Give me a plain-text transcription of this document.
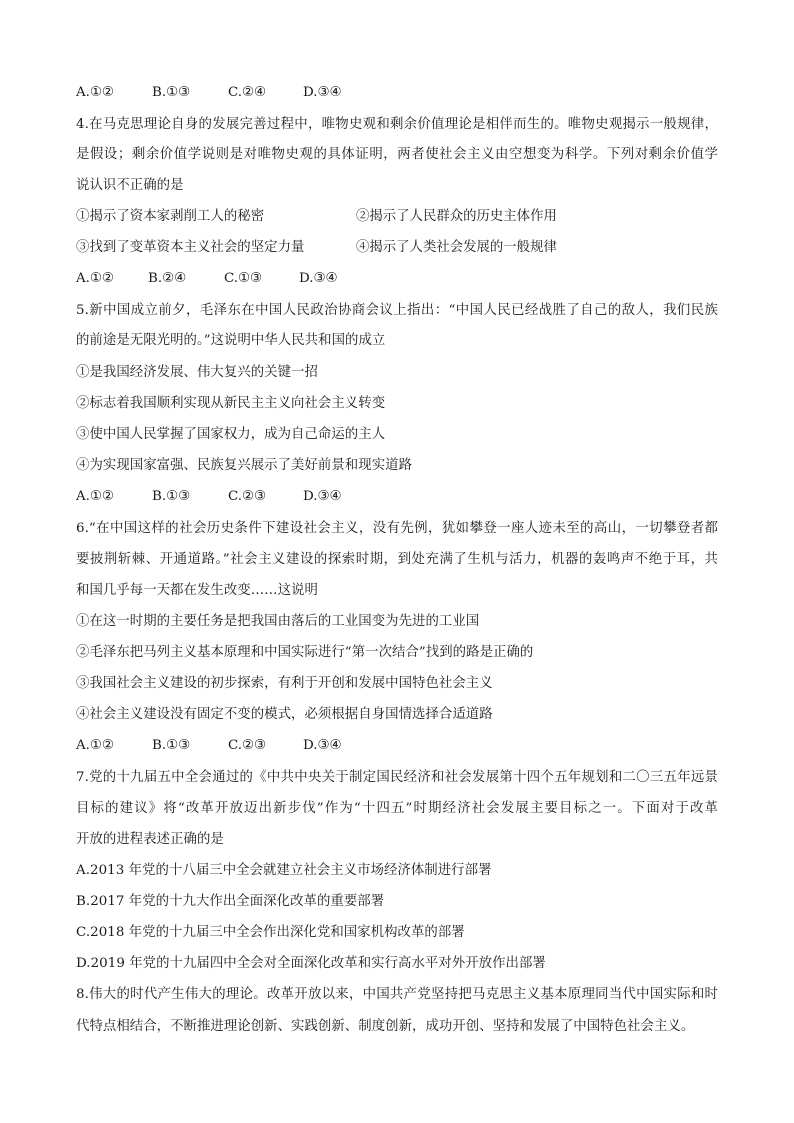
A.①②	B.①③	C.②④	D.③④
4.在马克思理论自身的发展完善过程中，唯物史观和剩余价值理论是相伴而生的。唯物史观揭示一般规律，
是假设；剩余价值学说则是对唯物史观的具体证明，两者使社会主义由空想变为科学。下列对剩余价值学
说认识不正确的是
①揭示了资本家剥削工人的秘密	②揭示了人民群众的历史主体作用
③找到了变革资本主义社会的坚定力量	④揭示了人类社会发展的一般规律
A.①②	B.②④	C.①③	D.③④
5.新中国成立前夕，毛泽东在中国人民政治协商会议上指出：“中国人民已经战胜了自己的敌人，我们民族
的前途是无限光明的。”这说明中华人民共和国的成立
①是我国经济发展、伟大复兴的关键一招
②标志着我国顺利实现从新民主主义向社会主义转变
③使中国人民掌握了国家权力，成为自己命运的主人
④为实现国家富强、民族复兴展示了美好前景和现实道路
A.①②	B.①③	C.②③	D.③④
6.“在中国这样的社会历史条件下建设社会主义，没有先例，犹如攀登一座人迹未至的高山，一切攀登者都
要披荆斩棘、开通道路。”社会主义建设的探索时期，到处充满了生机与活力，机器的轰鸣声不绝于耳，共
和国几乎每一天都在发生改变……这说明
①在这一时期的主要任务是把我国由落后的工业国变为先进的工业国
②毛泽东把马列主义基本原理和中国实际进行“第一次结合”找到的路是正确的
③我国社会主义建设的初步探索，有利于开创和发展中国特色社会主义
④社会主义建设没有固定不变的模式，必须根据自身国情选择合适道路
A.①②	B.①③	C.②③	D.③④
7.党的十九届五中全会通过的《中共中央关于制定国民经济和社会发展第十四个五年规划和二〇三五年远景
目标的建议》将“改革开放迈出新步伐”作为“十四五”时期经济社会发展主要目标之一。下面对于改革
开放的进程表述正确的是
A.2013 年党的十八届三中全会就建立社会主义市场经济体制进行部署
B.2017 年党的十九大作出全面深化改革的重要部署
C.2018 年党的十九届三中全会作出深化党和国家机构改革的部署
D.2019 年党的十九届四中全会对全面深化改革和实行高水平对外开放作出部署
8.伟大的时代产生伟大的理论。改革开放以来，中国共产党坚持把马克思主义基本原理同当代中国实际和时
代特点相结合，不断推进理论创新、实践创新、制度创新，成功开创、坚持和发展了中国特色社会主义。
